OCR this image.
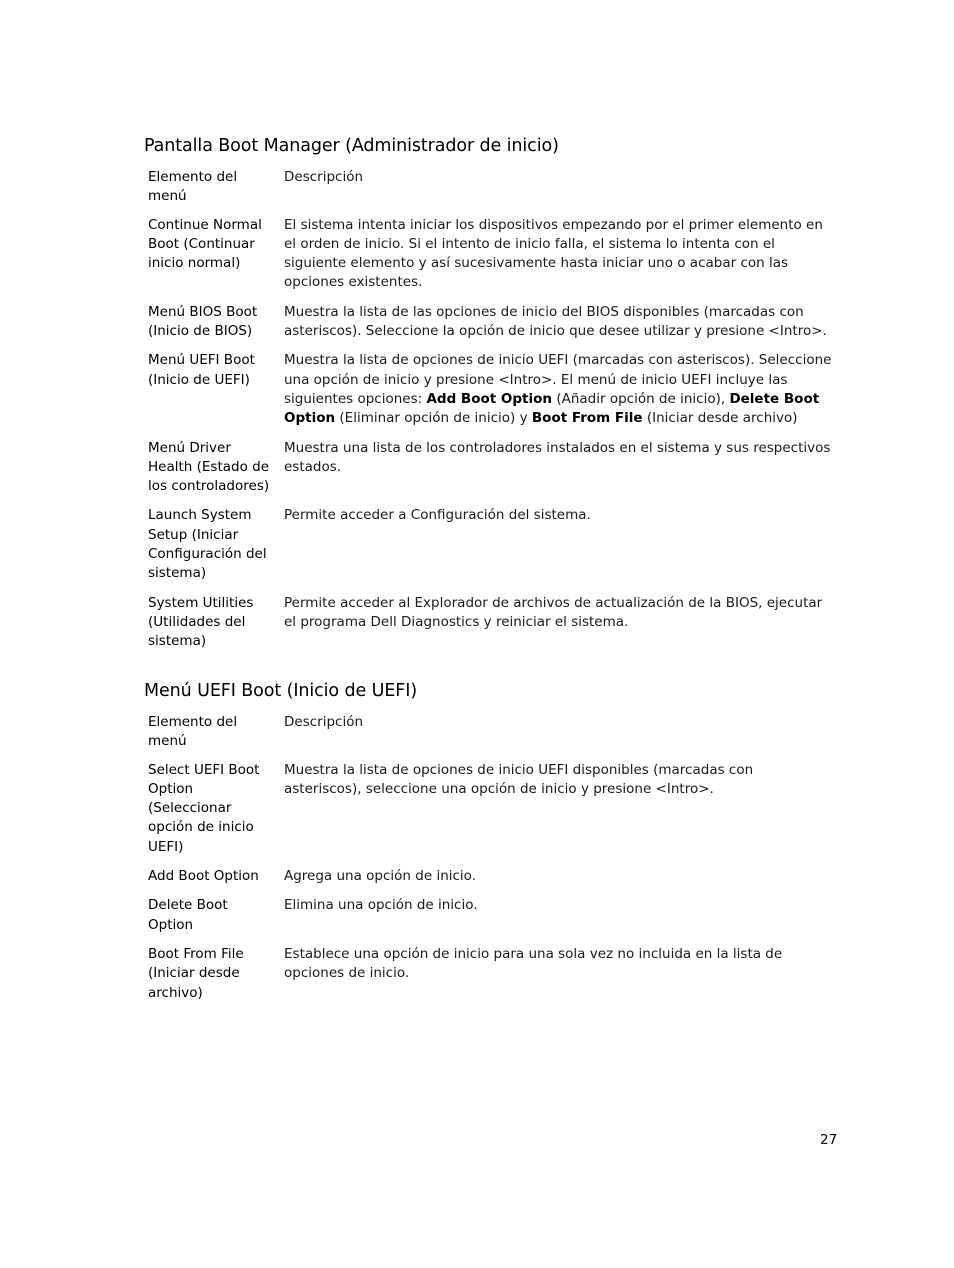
Pantalla Boot Manager (Administrador de inicio)
Elemento del menú	Descripción

Continue Normal Boot (Continuar inicio normal)	El sistema intenta iniciar los dispositivos empezando por el primer elemento en el orden de inicio. Si el intento de inicio falla, el sistema lo intenta con el siguiente elemento y así sucesivamente hasta iniciar uno o acabar con las opciones existentes.

Menú BIOS Boot (Inicio de BIOS)	Muestra la lista de las opciones de inicio del BIOS disponibles (marcadas con asteriscos). Seleccione la opción de inicio que desee utilizar y presione <Intro>.

Menú UEFI Boot (Inicio de UEFI)	Muestra la lista de opciones de inicio UEFI (marcadas con asteriscos). Seleccione una opción de inicio y presione <Intro>. El menú de inicio UEFI incluye las siguientes opciones: Add Boot Option (Añadir opción de inicio), Delete Boot Option (Eliminar opción de inicio) y Boot From File (Iniciar desde archivo)

Menú Driver Health (Estado de los controladores)	Muestra una lista de los controladores instalados en el sistema y sus respectivos estados.

Launch System Setup (Iniciar Configuración del sistema)	Permite acceder a Configuración del sistema.

System Utilities (Utilidades del sistema)	Permite acceder al Explorador de archivos de actualización de la BIOS, ejecutar el programa Dell Diagnostics y reiniciar el sistema.
Menú UEFI Boot (Inicio de UEFI)
Elemento del menú	Descripción

Select UEFI Boot Option (Seleccionar opción de inicio UEFI)	Muestra la lista de opciones de inicio UEFI disponibles (marcadas con asteriscos), seleccione una opción de inicio y presione <Intro>.

Add Boot Option	Agrega una opción de inicio.

Delete Boot Option	Elimina una opción de inicio.

Boot From File (Iniciar desde archivo)	Establece una opción de inicio para una sola vez no incluida en la lista de opciones de inicio.
27
